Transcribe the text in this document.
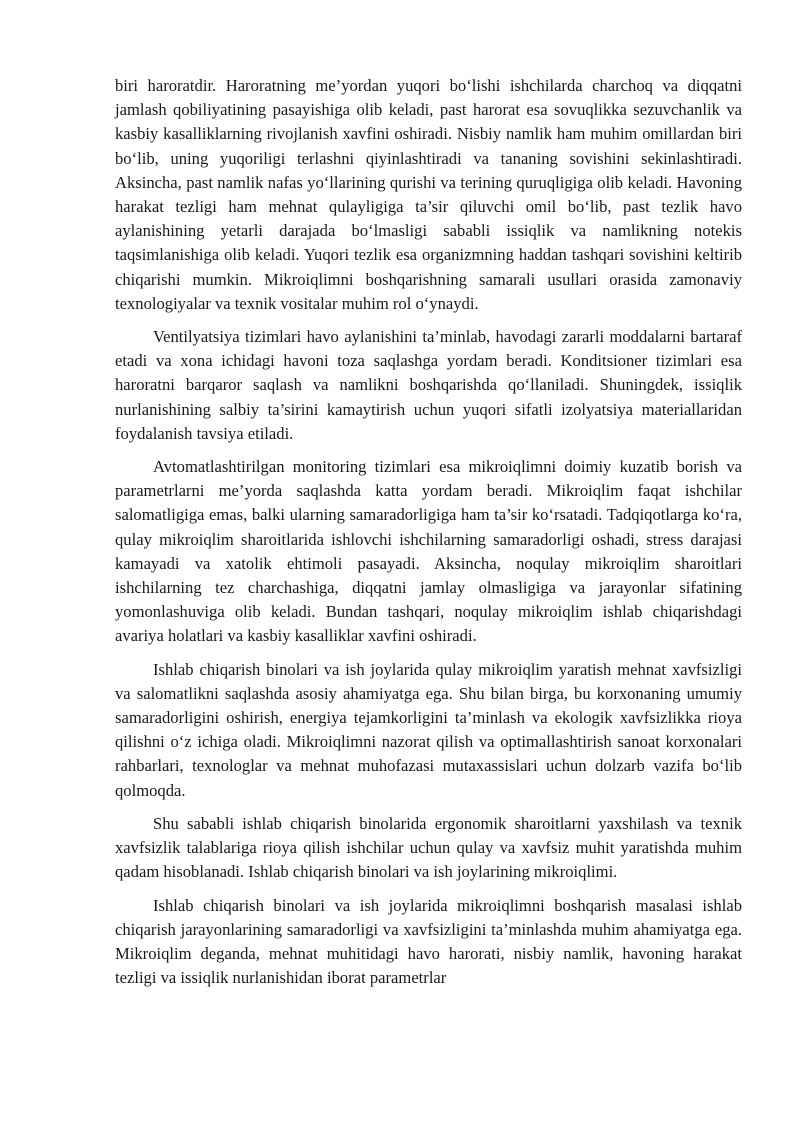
biri haroratdir. Haroratning me’yordan yuqori bo‘lishi ishchilarda charchoq va diqqatni jamlash qobiliyatining pasayishiga olib keladi, past harorat esa sovuqlikka sezuvchanlik va kasbiy kasalliklarning rivojlanish xavfini oshiradi. Nisbiy namlik ham muhim omillardan biri bo‘lib, uning yuqoriligi terlashni qiyinlashtiradi va tananing sovishini sekinlashtiradi. Aksincha, past namlik nafas yo‘llarining qurishi va terining quruqligiga olib keladi. Havoning harakat tezligi ham mehnat qulayligiga ta’sir qiluvchi omil bo‘lib, past tezlik havo aylanishining yetarli darajada bo‘lmasligi sababli issiqlik va namlikning notekis taqsimlanishiga olib keladi. Yuqori tezlik esa organizmning haddan tashqari sovishini keltirib chiqarishi mumkin. Mikroiqlimni boshqarishning samarali usullari orasida zamonaviy texnologiyalar va texnik vositalar muhim rol o‘ynaydi.

Ventilyatsiya tizimlari havo aylanishini ta’minlab, havodagi zararli moddalarni bartaraf etadi va xona ichidagi havoni toza saqlashga yordam beradi. Konditsioner tizimlari esa haroratni barqaror saqlash va namlikni boshqarishda qo‘llaniladi. Shuningdek, issiqlik nurlanishining salbiy ta’sirini kamaytirish uchun yuqori sifatli izolyatsiya materiallaridan foydalanish tavsiya etiladi.

Avtomatlashtirilgan monitoring tizimlari esa mikroiqlimni doimiy kuzatib borish va parametrlarni me’yorda saqlashda katta yordam beradi. Mikroiqlim faqat ishchilar salomatligiga emas, balki ularning samaradorligiga ham ta’sir ko‘rsatadi. Tadqiqotlarga ko‘ra, qulay mikroiqlim sharoitlarida ishlovchi ishchilarning samaradorligi oshadi, stress darajasi kamayadi va xatolik ehtimoli pasayadi. Aksincha, noqulay mikroiqlim sharoitlari ishchilarning tez charchashiga, diqqatni jamlay olmasligiga va jarayonlar sifatining yomonlashuviga olib keladi. Bundan tashqari, noqulay mikroiqlim ishlab chiqarishdagi avariya holatlari va kasbiy kasalliklar xavfini oshiradi.

Ishlab chiqarish binolari va ish joylarida qulay mikroiqlim yaratish mehnat xavfsizligi va salomatlikni saqlashda asosiy ahamiyatga ega. Shu bilan birga, bu korxonaning umumiy samaradorligini oshirish, energiya tejamkorligini ta’minlash va ekologik xavfsizlikka rioya qilishni o‘z ichiga oladi. Mikroiqlimni nazorat qilish va optimallashtirish sanoat korxonalari rahbarlari, texnologlar va mehnat muhofazasi mutaxassislari uchun dolzarb vazifa bo‘lib qolmoqda.

Shu sababli ishlab chiqarish binolarida ergonomik sharoitlarni yaxshilash va texnik xavfsizlik talablariga rioya qilish ishchilar uchun qulay va xavfsiz muhit yaratishda muhim qadam hisoblanadi. Ishlab chiqarish binolari va ish joylarining mikroiqlimi.

Ishlab chiqarish binolari va ish joylarida mikroiqlimni boshqarish masalasi ishlab chiqarish jarayonlarining samaradorligi va xavfsizligini ta’minlashda muhim ahamiyatga ega. Mikroiqlim deganda, mehnat muhitidagi havo harorati, nisbiy namlik, havoning harakat tezligi va issiqlik nurlanishidan iborat parametrlar
